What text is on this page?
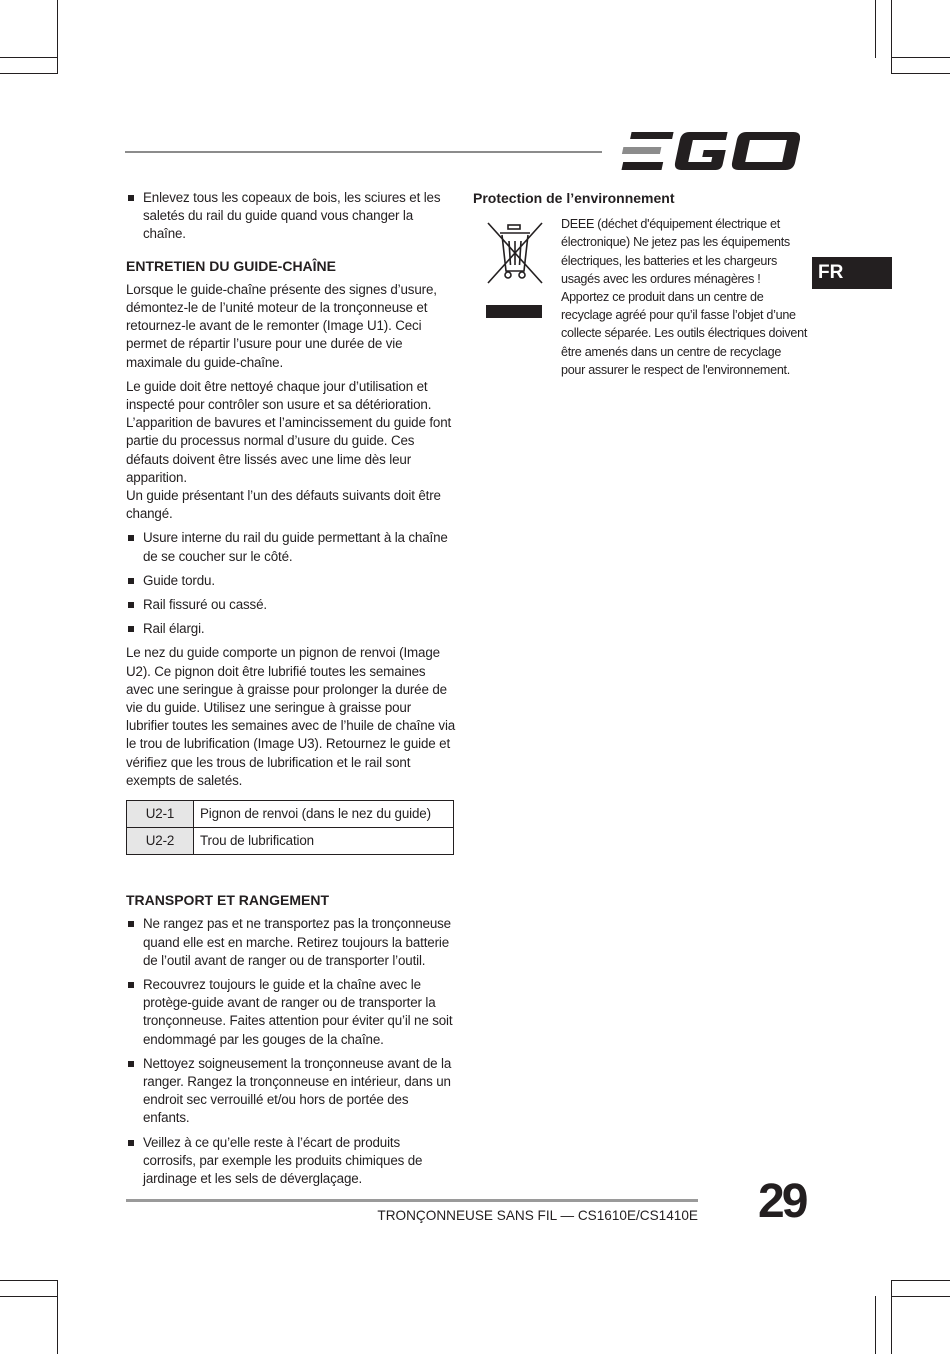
FR
Enlevez tous les copeaux de bois, les sciures et les saletés du rail du guide quand vous changer la chaîne.
ENTRETIEN DU GUIDE-CHAÎNE

Lorsque le guide-chaîne présente des signes d’usure, démontez-le de l’unité moteur de la tronçonneuse et retournez-le avant de le remonter (Image U1). Ceci permet de répartir l’usure pour une durée de vie maximale du guide-chaîne.

Le guide doit être nettoyé chaque jour d’utilisation et inspecté pour contrôler son usure et sa détérioration. L’apparition de bavures et l’amincissement du guide font partie du processus normal d’usure du guide. Ces défauts doivent être lissés avec une lime dès leur apparition.

Un guide présentant l’un des défauts suivants doit être changé.

Usure interne du rail du guide permettant à la chaîne de se coucher sur le côté.
Guide tordu.
Rail fissuré ou cassé.
Rail élargi.

Le nez du guide comporte un pignon de renvoi (Image U2). Ce pignon doit être lubrifié toutes les semaines avec une seringue à graisse pour prolonger la durée de vie du guide. Utilisez une seringue à graisse pour lubrifier toutes les semaines avec de l’huile de chaîne via le trou de lubrification (Image U3). Retournez le guide et vérifiez que les trous de lubrification et le rail sont exempts de saletés.

U2-1	Pignon de renvoi (dans le nez du guide)
U2-2	Trou de lubrification
TRANSPORT ET RANGEMENT
Ne rangez pas et ne transportez pas la tronçonneuse quand elle est en marche. Retirez toujours la batterie de l’outil avant de ranger ou de transporter l’outil.
Recouvrez toujours le guide et la chaîne avec le protège-guide avant de ranger ou de transporter la tronçonneuse. Faites attention pour éviter qu’il ne soit endommagé par les gouges de la chaîne.
Nettoyez soigneusement la tronçonneuse avant de la ranger. Rangez la tronçonneuse en intérieur, dans un endroit sec verrouillé et/ou hors de portée des enfants.
Veillez à ce qu’elle reste à l’écart de produits corrosifs, par exemple les produits chimiques de jardinage et les sels de déverglaçage.
Protection de l’environnement

DEEE (déchet d'équipement électrique et électronique) Ne jetez pas les équipements électriques, les batteries et les chargeurs usagés avec les ordures ménagères ! Apportez ce produit dans un centre de recyclage agréé pour qu’il fasse l’objet d’une collecte séparée. Les outils électriques doivent être amenés dans un centre de recyclage pour assurer le respect de l'environnement.

TRONÇONNEUSE SANS FIL — CS1610E/CS1410E 29
